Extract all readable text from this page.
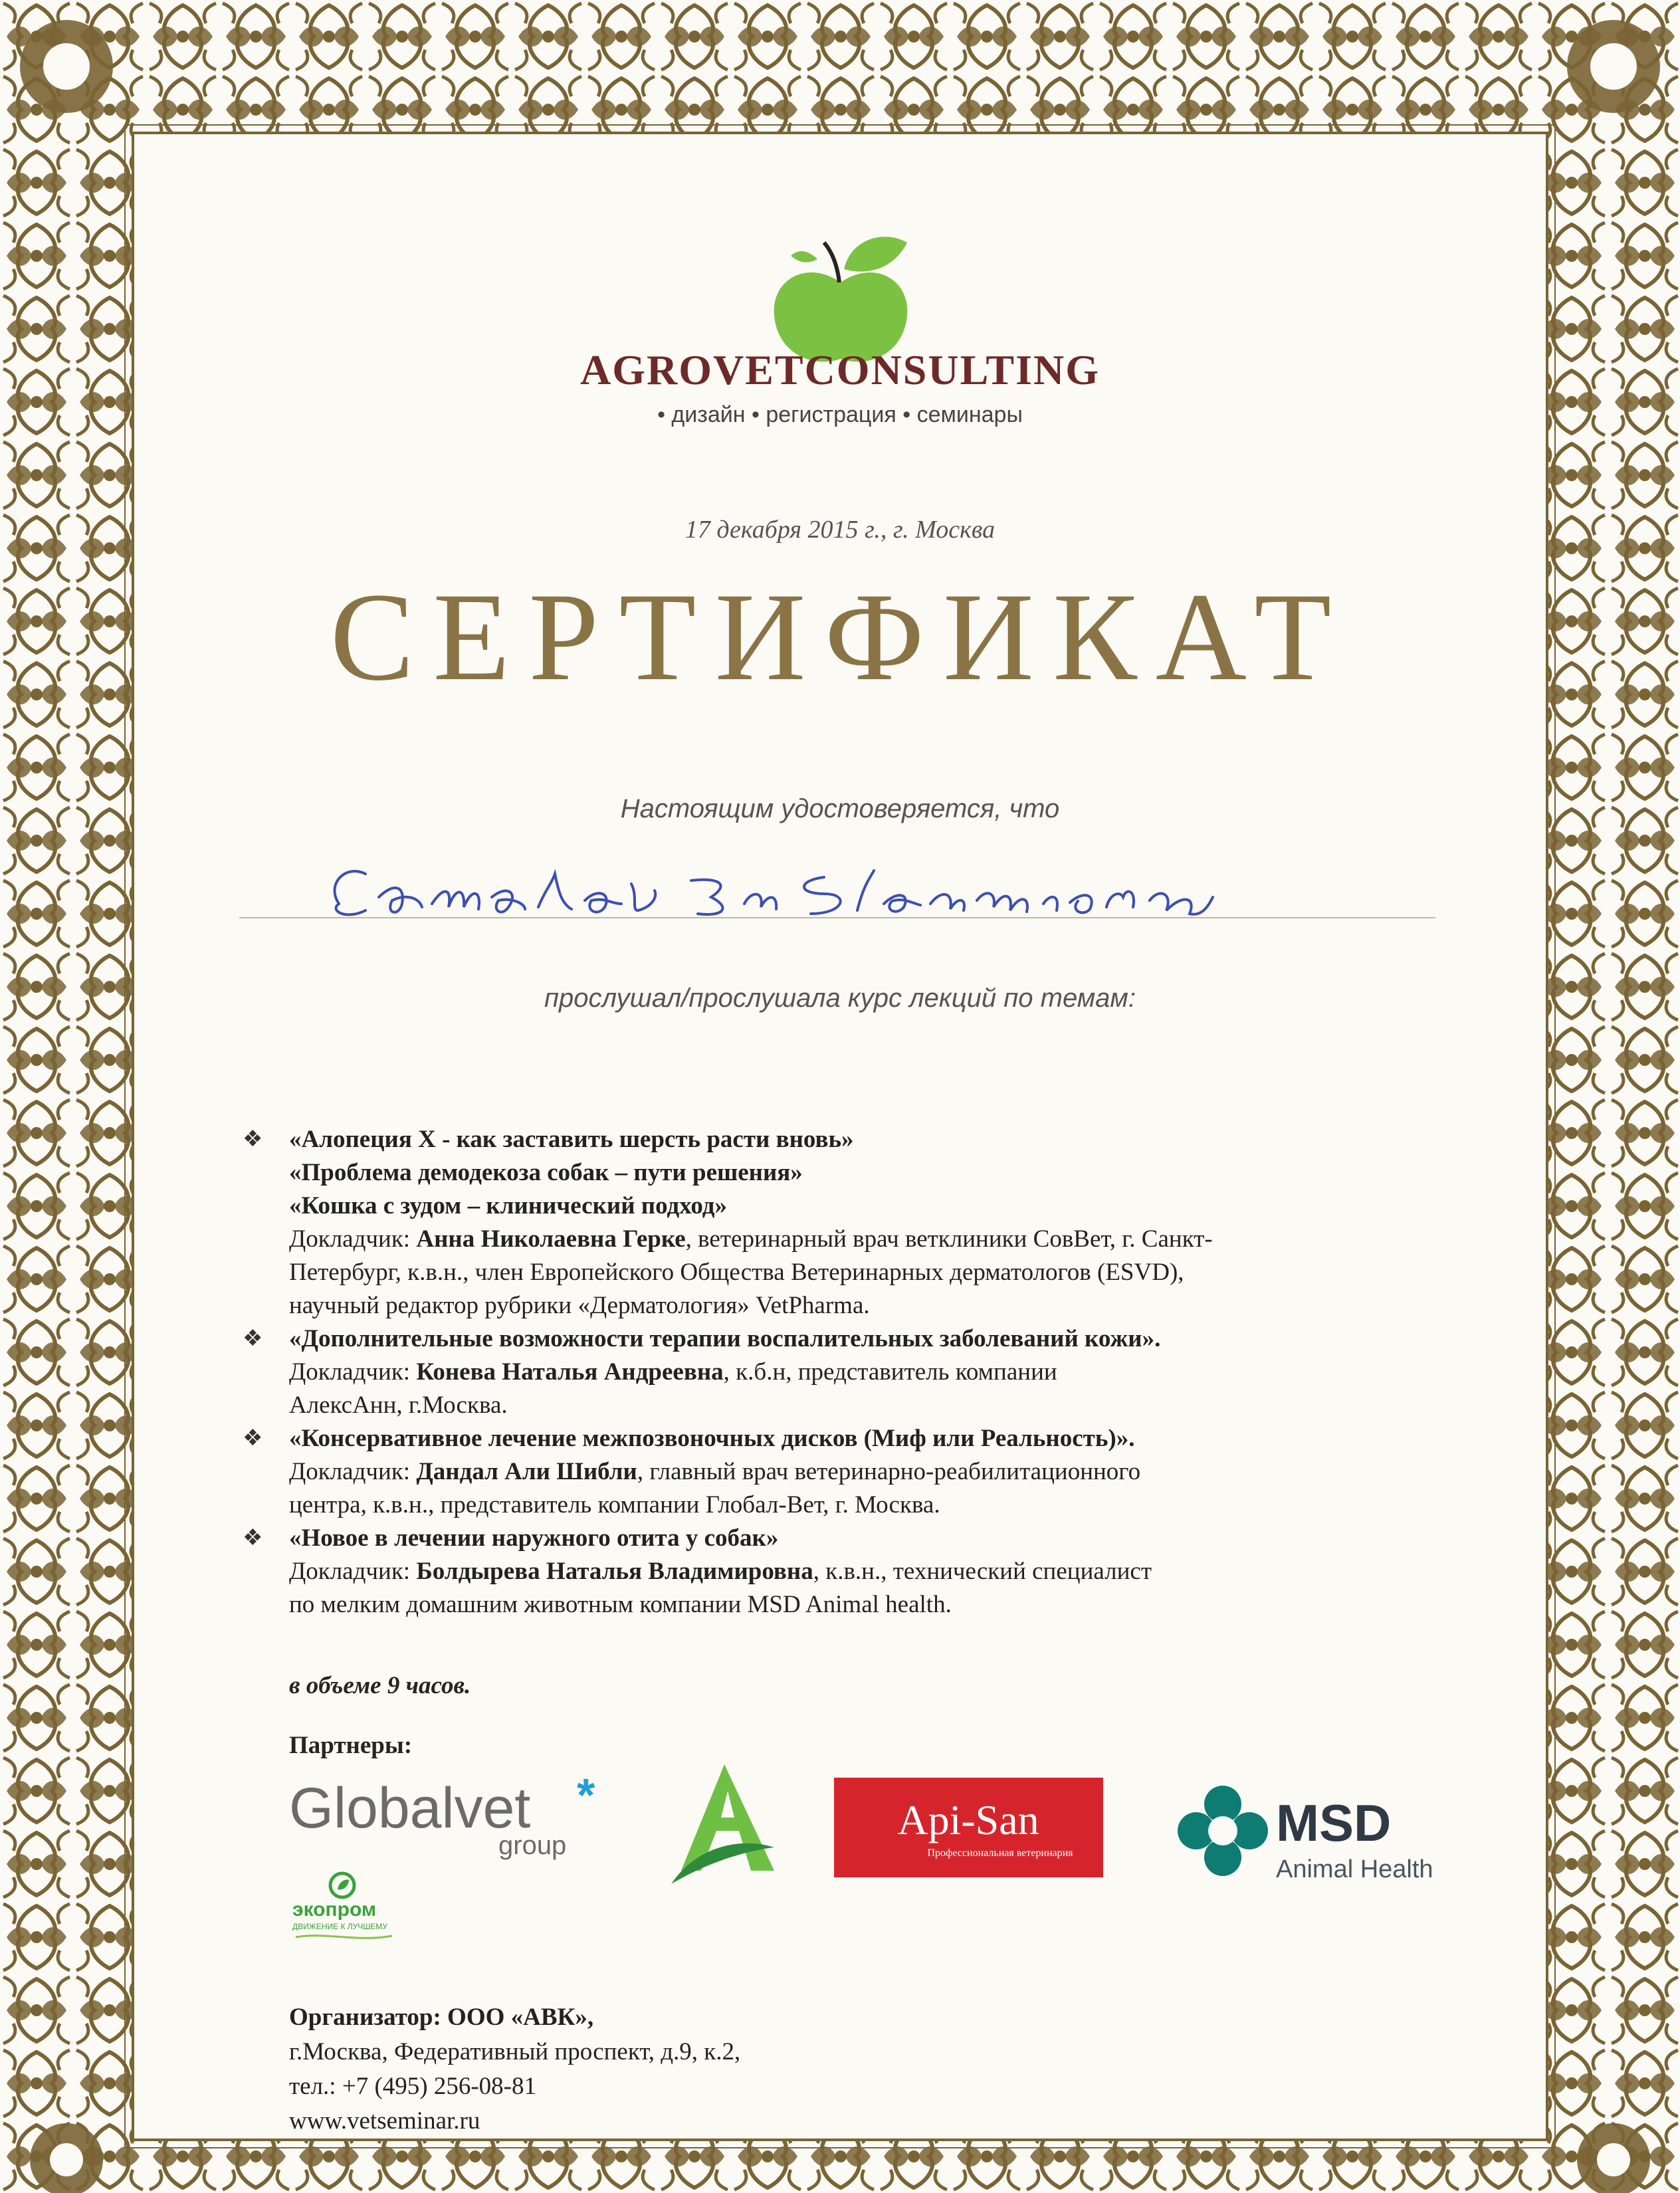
AGROVETCONSULTING
• дизайн • регистрация • семинары
17 декабря 2015 г., г. Москва
СЕРТИФИКАТ
Настоящим удостоверяется, что
прослушал/прослушала курс лекций по темам:
❖ «Алопеция X - как заставить шерсть расти вновь»

«Проблема демодекоза собак – пути решения»

«Кошка с зудом – клинический подход»

Докладчик: Анна Николаевна Герке, ветеринарный врач ветклиники СовВет, г. Санкт-

Петербург, к.в.н., член Европейского Общества Ветеринарных дерматологов (ESVD),

научный редактор рубрики «Дерматология» VetPharma.

❖ «Дополнительные возможности терапии воспалительных заболеваний кожи».

Докладчик: Конева Наталья Андреевна, к.б.н, представитель компании

АлексАнн, г.Москва.

❖ «Консервативное лечение межпозвоночных дисков (Миф или Реальность)».

Докладчик: Дандал Али Шибли, главный врач ветеринарно-реабилитационного

центра, к.в.н., представитель компании Глобал-Вет, г. Москва.

❖ «Новое в лечении наружного отита у собак»

Докладчик: Болдырева Наталья Владимировна, к.в.н., технический специалист

по мелким домашним животным компании MSD Animal health.

в объеме 9 часов.
Партнеры:
Globalvet *
group
экопром
ДВИЖЕНИЕ К ЛУЧШЕМУ
Api-San
Профессиональная ветеринария
MSD
Animal Health

Организатор: ООО «АВК»,

г.Москва, Федеративный проспект, д.9, к.2,

тел.: +7 (495) 256-08-81

www.vetseminar.ru
